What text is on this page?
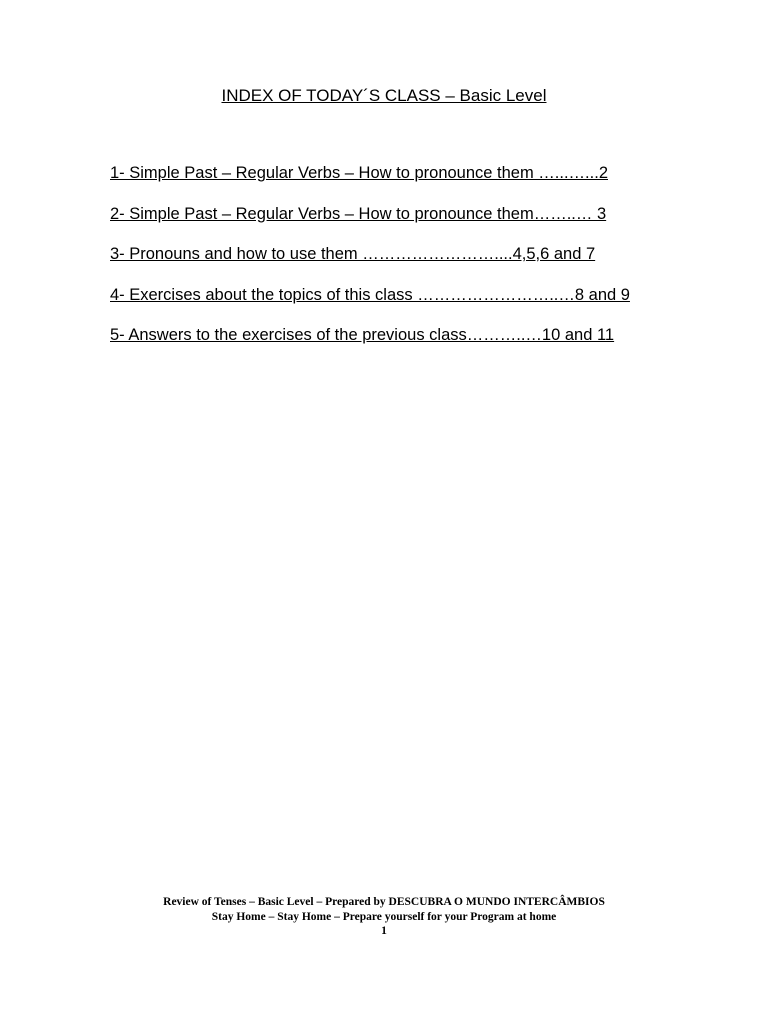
INDEX OF TODAY´S CLASS – Basic Level
1- Simple Past – Regular Verbs – How to pronounce them …...…...2
2- Simple Past – Regular Verbs – How to pronounce them……..… 3
3- Pronouns and how to use them ……………………....4,5,6 and 7
4- Exercises about the topics of this class ……………………..…8 and 9
5- Answers to the exercises of the previous class………..…10 and 11
Review of Tenses – Basic Level – Prepared by DESCUBRA O MUNDO INTERCÂMBIOS
Stay Home – Stay Home – Prepare yourself for your Program at home
1
